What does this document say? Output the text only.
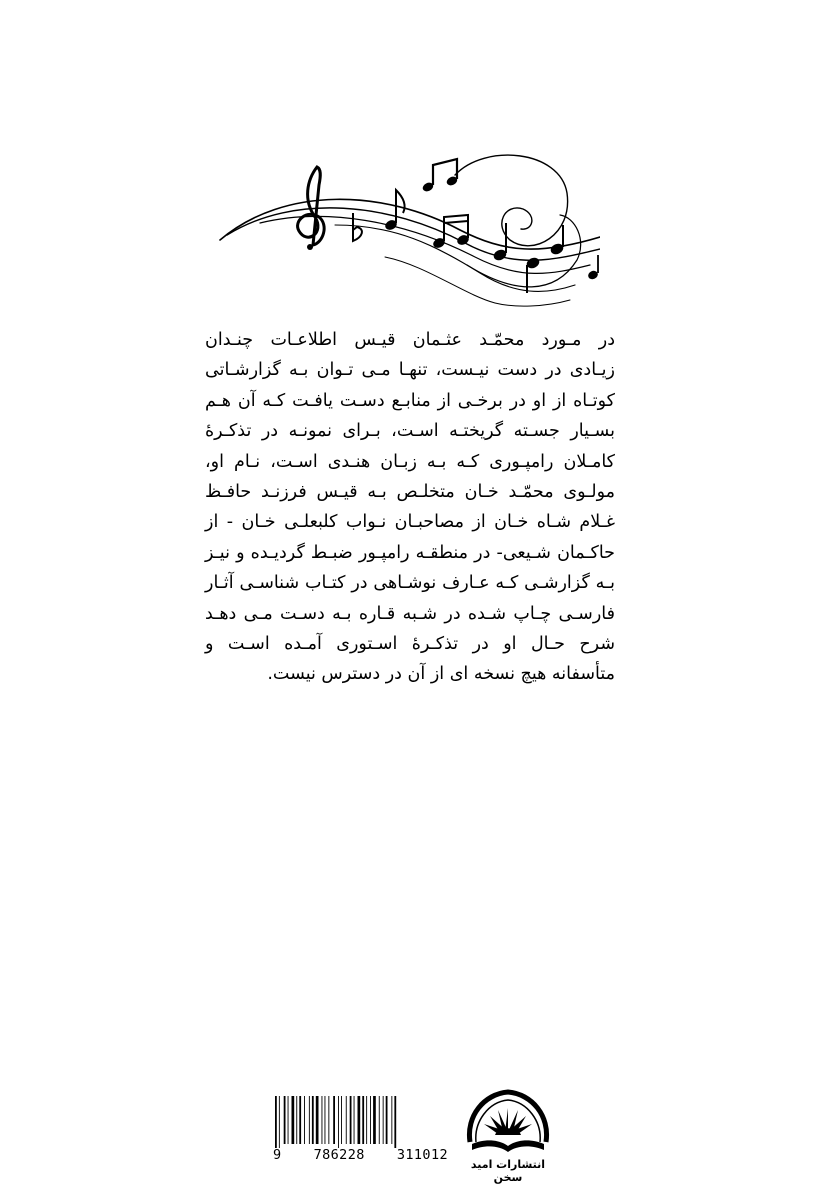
در مـورد محمّـد عثـمان قیـس اطلاعـات چنـدان
زیـادی در دست نیـست، تنهـا مـی تـوان بـه گزارشـاتی
کوتـاه از او در برخـی از منابـع دسـت یافـت کـه آن هـم
بسـیار جسـته گریختـه اسـت، بـرای نمونـه در تذکـرۀ
کامـلان رامپـوری کـه بـه زبـان هنـدی اسـت، نـام او،
مولـوی محمّـد خـان متخلـص بـه قیـس فرزنـد حافـظ
غـلام شـاه خـان از مصاحبـان نـواب کلبعلـی خـان - از
حاکـمان شـیعی- در منطقـه رامپـور ضبـط گردیـده و نیـز
بـه گزارشـی کـه عـارف نوشـاهی در کتـاب شناسـی آثـار
فارسـی چـاپ شـده در شـبه قـاره بـه دسـت مـی دهـد
شرح حـال او در تذکـرۀ اسـتوری آمـده اسـت و
متأسفانه هیچ نسخه ای از آن در دسترس نیست.
9 786228 311012
انتشارات امید سخن
